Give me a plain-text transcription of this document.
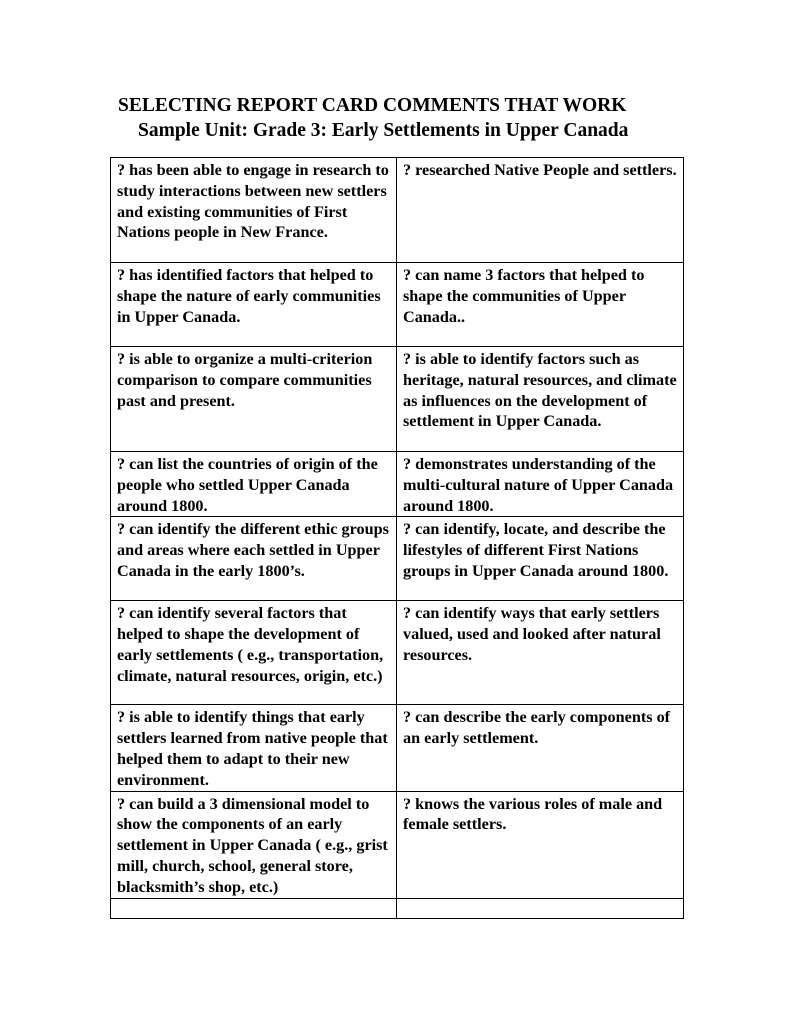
SELECTING REPORT CARD COMMENTS THAT WORK
Sample Unit: Grade 3: Early Settlements in Upper Canada
? has been able to engage in research to study interactions between new settlers and existing communities of First Nations people in New France.	? researched Native People and settlers.
? has identified factors that helped to shape the nature of early communities in Upper Canada.	? can name 3 factors that helped to shape the communities of Upper Canada..
? is able to organize a multi-criterion comparison to compare communities past and present.	? is able to identify factors such as heritage, natural resources, and climate as influences on the development of settlement in Upper Canada.
? can list the countries of origin of the people who settled Upper Canada around 1800.	? demonstrates understanding of the multi-cultural nature of Upper Canada around 1800.
? can identify the different ethic groups and areas where each settled in Upper Canada in the early 1800’s.	? can identify, locate, and describe the lifestyles of different First Nations groups in Upper Canada around 1800.
? can identify several factors that helped to shape the development of early settlements ( e.g., transportation, climate, natural resources, origin, etc.)	? can identify ways that early settlers valued, used and looked after natural resources.
? is able to identify things that early settlers learned from native people that helped them to adapt to their new environment.	? can describe the early components of an early settlement.
? can build a 3 dimensional model to show the components of an early settlement in Upper Canada ( e.g., grist mill, church, school, general store, blacksmith’s shop, etc.)	? knows the various roles of male and female settlers.
